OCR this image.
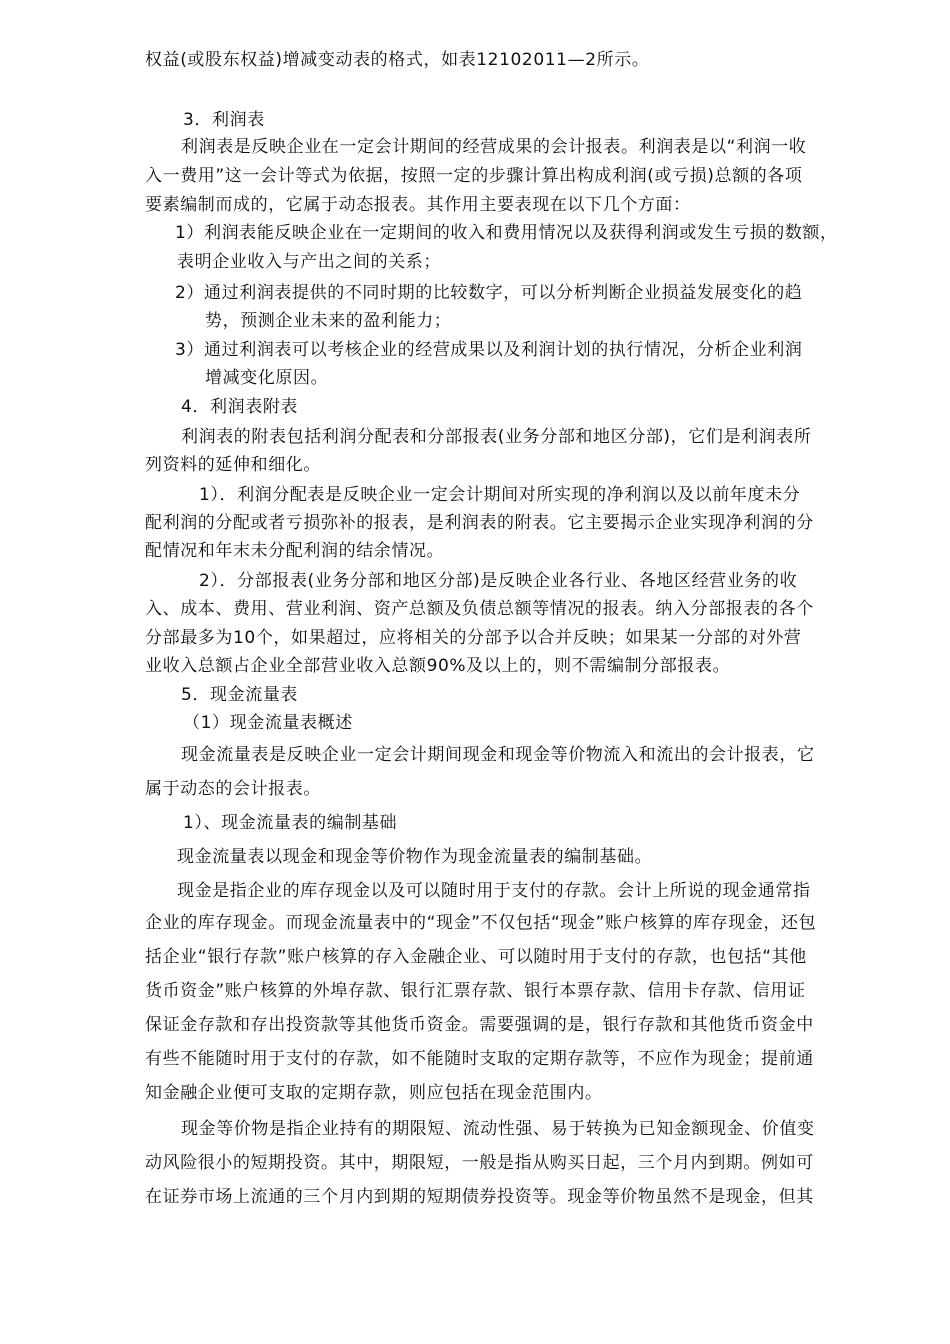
权益(或股东权益)增减变动表的格式，如表12102011—2所示。
3．利润表
利润表是反映企业在一定会计期间的经营成果的会计报表。利润表是以“利润一收
入一费用”这一会计等式为依据，按照一定的步骤计算出构成利润(或亏损)总额的各项
要素编制而成的，它属于动态报表。其作用主要表现在以下几个方面：
1）利润表能反映企业在一定期间的收入和费用情况以及获得利润或发生亏损的数额，
表明企业收入与产出之间的关系；
2）通过利润表提供的不同时期的比较数字，可以分析判断企业损益发展变化的趋
势，预测企业未来的盈利能力；
3）通过利润表可以考核企业的经营成果以及利润计划的执行情况，分析企业利润
增减变化原因。
4．利润表附表
利润表的附表包括利润分配表和分部报表(业务分部和地区分部)，它们是利润表所
列资料的延伸和细化。
1）．利润分配表是反映企业一定会计期间对所实现的净利润以及以前年度未分
配利润的分配或者亏损弥补的报表，是利润表的附表。它主要揭示企业实现净利润的分
配情况和年末未分配利润的结余情况。
2）．分部报表(业务分部和地区分部)是反映企业各行业、各地区经营业务的收
入、成本、费用、营业利润、资产总额及负债总额等情况的报表。纳入分部报表的各个
分部最多为10个，如果超过，应将相关的分部予以合并反映；如果某一分部的对外营
业收入总额占企业全部营业收入总额90%及以上的，则不需编制分部报表。
5．现金流量表
（1）现金流量表概述
现金流量表是反映企业一定会计期间现金和现金等价物流入和流出的会计报表，它
属于动态的会计报表。
1）、现金流量表的编制基础
现金流量表以现金和现金等价物作为现金流量表的编制基础。
现金是指企业的库存现金以及可以随时用于支付的存款。会计上所说的现金通常指
企业的库存现金。而现金流量表中的“现金”不仅包括“现金”账户核算的库存现金，还包
括企业“银行存款”账户核算的存入金融企业、可以随时用于支付的存款，也包括“其他
货币资金”账户核算的外埠存款、银行汇票存款、银行本票存款、信用卡存款、信用证
保证金存款和存出投资款等其他货币资金。需要强调的是，银行存款和其他货币资金中
有些不能随时用于支付的存款，如不能随时支取的定期存款等，不应作为现金；提前通
知金融企业便可支取的定期存款，则应包括在现金范围内。
现金等价物是指企业持有的期限短、流动性强、易于转换为已知金额现金、价值变
动风险很小的短期投资。其中，期限短，一般是指从购买日起，三个月内到期。例如可
在证券市场上流通的三个月内到期的短期债券投资等。现金等价物虽然不是现金，但其
